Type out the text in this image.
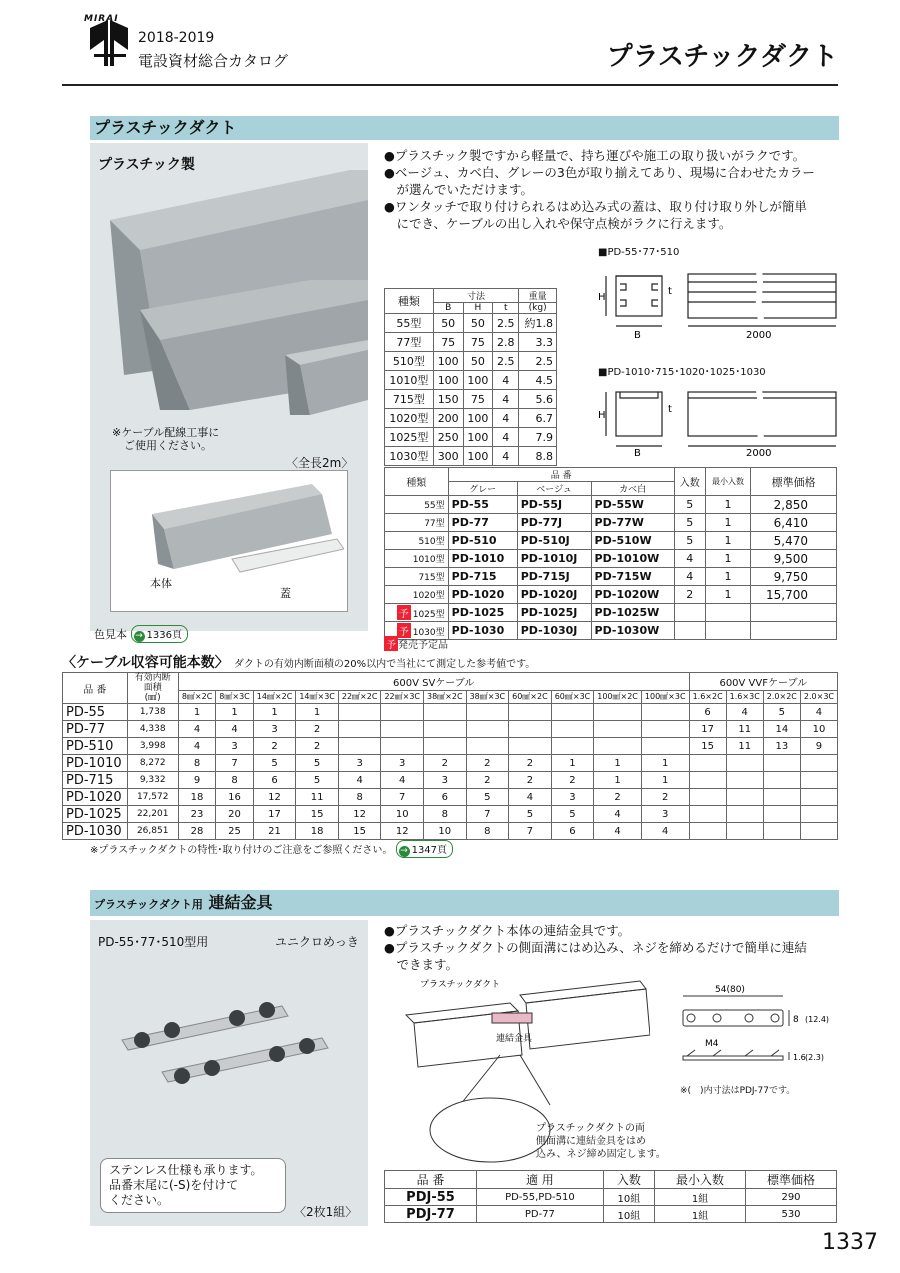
MIRAI
2018-2019
電設資材総合カタログ	プラスチックダクト
プラスチックダクト
プラスチック製
※ケーブル配線工事に
ご使用ください。
〈全長2m〉
本体
蓋
色見本 → 1336頁
●プラスチック製ですから軽量で、持ち運びや施工の取り扱いがラクです。
●ベージュ、カベ白、グレーの3色が取り揃えてあり、現場に合わせたカラー
　が選んでいただけます。
●ワンタッチで取り付けられるはめ込み式の蓋は、取り付け取り外しが簡単
　にでき、ケーブルの出し入れや保守点検がラクに行えます。
種類	寸法			重量
	B	H	t	(kg)
55型	50	50	2.5	約1.8
77型	75	75	2.8	3.3
510型	100	50	2.5	2.5
1010型	100	100	4	4.5
715型	150	75	4	5.6
1020型	200	100	4	6.7
1025型	250	100	4	7.9
1030型	300	100	4	8.8
■PD-55･77･510
H
B
t
2000
■PD-1010･715･1020･1025･1030
H
B
t
2000
種類	品 番			入数	最小入数	標準価格
	グレー	ベージュ	カベ白			
55型	PD-55	PD-55J	PD-55W	5	1	2,850
77型	PD-77	PD-77J	PD-77W	5	1	6,410
510型	PD-510	PD-510J	PD-510W	5	1	5,470
1010型	PD-1010	PD-1010J	PD-1010W	4	1	9,500
715型	PD-715	PD-715J	PD-715W	4	1	9,750
1020型	PD-1020	PD-1020J	PD-1020W	2	1	15,700
予 1025型	PD-1025	PD-1025J	PD-1025W			
予 1030型	PD-1030	PD-1030J	PD-1030W			
予 発売予定品
〈ケーブル収容可能本数〉 ダクトの有効内断面積の20%以内で当社にて測定した参考値です。
品 番	有効内断面積
(㎟)	600V SVケーブル												600V VVFケーブル			
		8㎟×2C	8㎟×3C	14㎟×2C	14㎟×3C	22㎟×2C	22㎟×3C	38㎟×2C	38㎟×3C	60㎟×2C	60㎟×3C	100㎟×2C	100㎟×3C	1.6×2C	1.6×3C	2.0×2C	2.0×3C
PD-55	1,738	1	1	1	1									6	4	5	4
PD-77	4,338	4	4	3	2									17	11	14	10
PD-510	3,998	4	3	2	2									15	11	13	9
PD-1010	8,272	8	7	5	5	3	3	2	2	2	1	1	1				
PD-715	9,332	9	8	6	5	4	4	3	2	2	2	1	1				
PD-1020	17,572	18	16	12	11	8	7	6	5	4	3	2	2				
PD-1025	22,201	23	20	17	15	12	10	8	7	5	5	4	3				
PD-1030	26,851	28	25	21	18	15	12	10	8	7	6	4	4				
※プラスチックダクトの特性･取り付けのご注意をご参照ください。 → 1347頁
プラスチックダクト用 連結金具
PD-55･77･510型用	ユニクロめっき
ステンレス仕様も承ります。
品番末尾に(-S)を付けて
ください。
〈2枚1組〉
●プラスチックダクト本体の連結金具です。
●プラスチックダクトの側面溝にはめ込み、ネジを締めるだけで簡単に連結
　できます。
プラスチックダクト
連結金具
プラスチックダクトの両
側面溝に連結金具をはめ
込み、ネジ締め固定します。
54(80)
8 (12.4)
M4
1.6 (2.3)
※(　)内寸法はPDJ-77です。
品 番	適 用	入数	最小入数	標準価格
PDJ-55	PD-55,PD-510	10組	1組	290
PDJ-77	PD-77	10組	1組	530
1337
